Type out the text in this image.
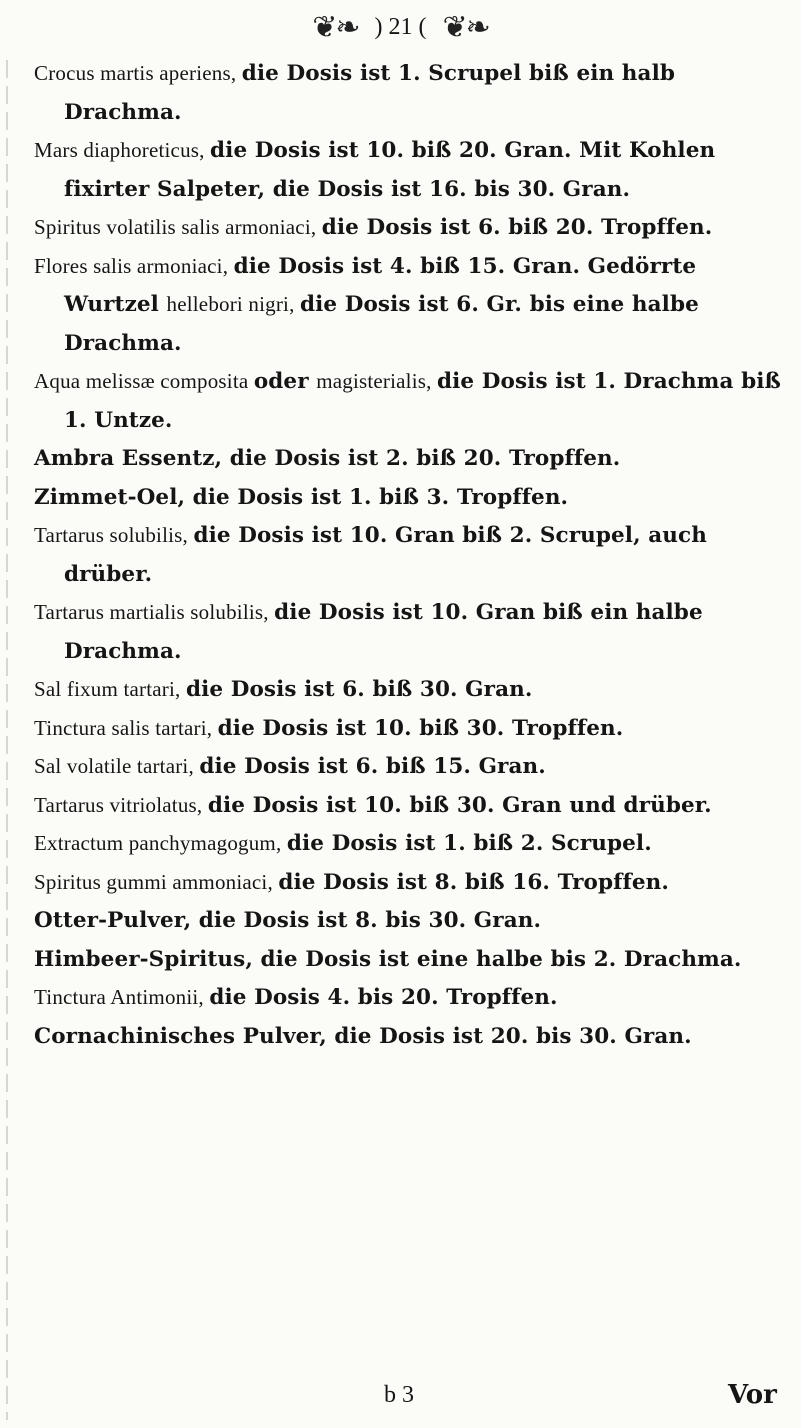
❦❧ ) 21 ( ❦❧

Crocus martis aperiens, die Dosis ist 1. Scrupel biß ein halb Drachma.

Mars diaphoreticus, die Dosis ist 10. biß 20. Gran. Mit Kohlen fixirter Salpeter, die Dosis ist 16. bis 30. Gran.

Spiritus volatilis salis armoniaci, die Dosis ist 6. biß 20. Tropffen.

Flores salis armoniaci, die Dosis ist 4. biß 15. Gran. Gedörrte Wurtzel hellebori nigri, die Dosis ist 6. Gr. bis eine halbe Drachma.

Aqua melissæ composita oder magisterialis, die Dosis ist 1. Drachma biß 1. Untze.

Ambra Essentz, die Dosis ist 2. biß 20. Tropffen.

Zimmet-Oel, die Dosis ist 1. biß 3. Tropffen.

Tartarus solubilis, die Dosis ist 10. Gran biß 2. Scrupel, auch drüber.

Tartarus martialis solubilis, die Dosis ist 10. Gran biß ein halbe Drachma.

Sal fixum tartari, die Dosis ist 6. biß 30. Gran.

Tinctura salis tartari, die Dosis ist 10. biß 30. Tropffen.

Sal volatile tartari, die Dosis ist 6. biß 15. Gran.

Tartarus vitriolatus, die Dosis ist 10. biß 30. Gran und drüber.

Extractum panchymagogum, die Dosis ist 1. biß 2. Scrupel.

Spiritus gummi ammoniaci, die Dosis ist 8. biß 16. Tropffen.

Otter-Pulver, die Dosis ist 8. bis 30. Gran.

Himbeer-Spiritus, die Dosis ist eine halbe bis 2. Drachma.

Tinctura Antimonii, die Dosis 4. bis 20. Tropffen.

Cornachinisches Pulver, die Dosis ist 20. bis 30. Gran.

b 3	Vor
